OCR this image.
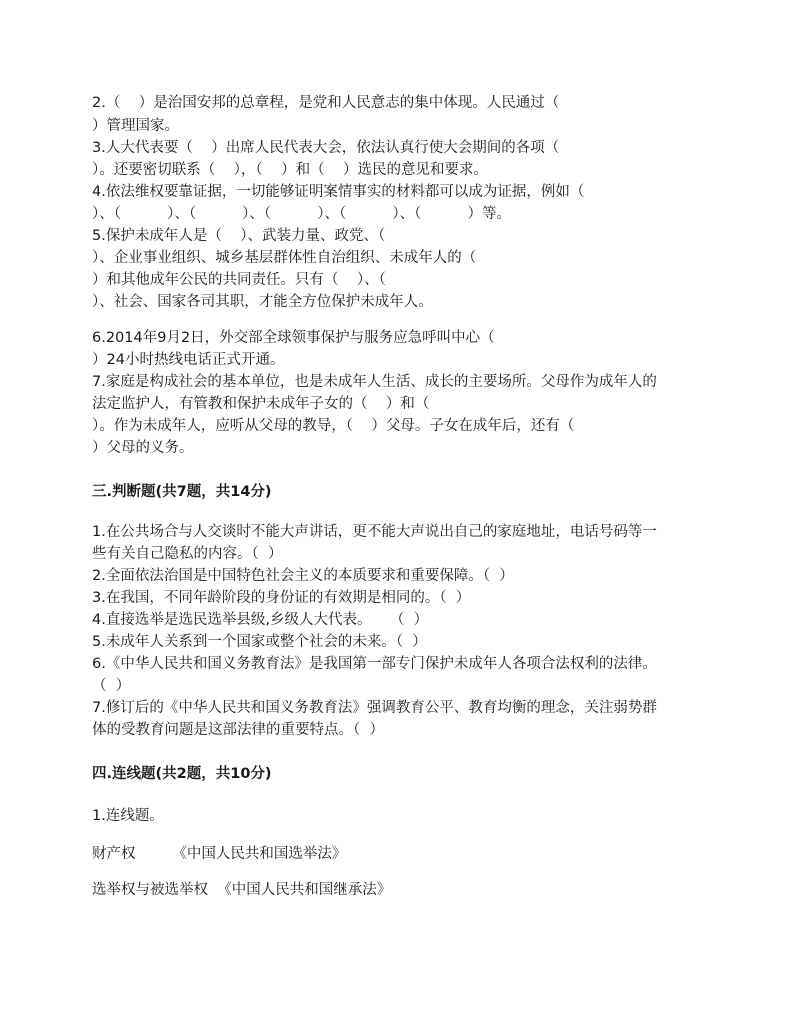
2.（    ）是治国安邦的总章程，是党和人民意志的集中体现。人民通过（
）管理国家。
3.人大代表要（    ）出席人民代表大会，依法认真行使大会期间的各项（
）。还要密切联系（    ），（    ）和（    ）选民的意见和要求。
4.依法维权要靠证据，一切能够证明案情事实的材料都可以成为证据，例如（
）、（          ）、（          ）、（          ）、（          ）、（          ）等。
5.保护未成年人是（    ）、武装力量、政党、（
）、企业事业组织、城乡基层群体性自治组织、未成年人的（
）和其他成年公民的共同责任。只有（    ）、（
）、社会、国家各司其职，才能全方位保护未成年人。
6.2014年9月2日，外交部全球领事保护与服务应急呼叫中心（
）24小时热线电话正式开通。
7.家庭是构成社会的基本单位，也是未成年人生活、成长的主要场所。父母作为成年人的
法定监护人，有管教和保护未成年子女的（    ）和（
）。作为未成年人，应听从父母的教导，（    ）父母。子女在成年后，还有（
）父母的义务。
三.判断题(共7题，共14分)
1.在公共场合与人交谈时不能大声讲话，更不能大声说出自己的家庭地址，电话号码等一
些有关自己隐私的内容。（  ）
2.全面依法治国是中国特色社会主义的本质要求和重要保障。（  ）
3.在我国，不同年龄阶段的身份证的有效期是相同的。（  ）
4.直接选举是选民选举县级,乡级人大代表。    （  ）
5.未成年人关系到一个国家或整个社会的未来。（  ）
6.《中华人民共和国义务教育法》是我国第一部专门保护未成年人各项合法权利的法律。
（  ）
7.修订后的《中华人民共和国义务教育法》强调教育公平、教育均衡的理念，关注弱势群
体的受教育问题是这部法律的重要特点。（  ）
四.连线题(共2题，共10分)
1.连线题。
财产权        《中国人民共和国选举法》
选举权与被选举权  《中国人民共和国继承法》
